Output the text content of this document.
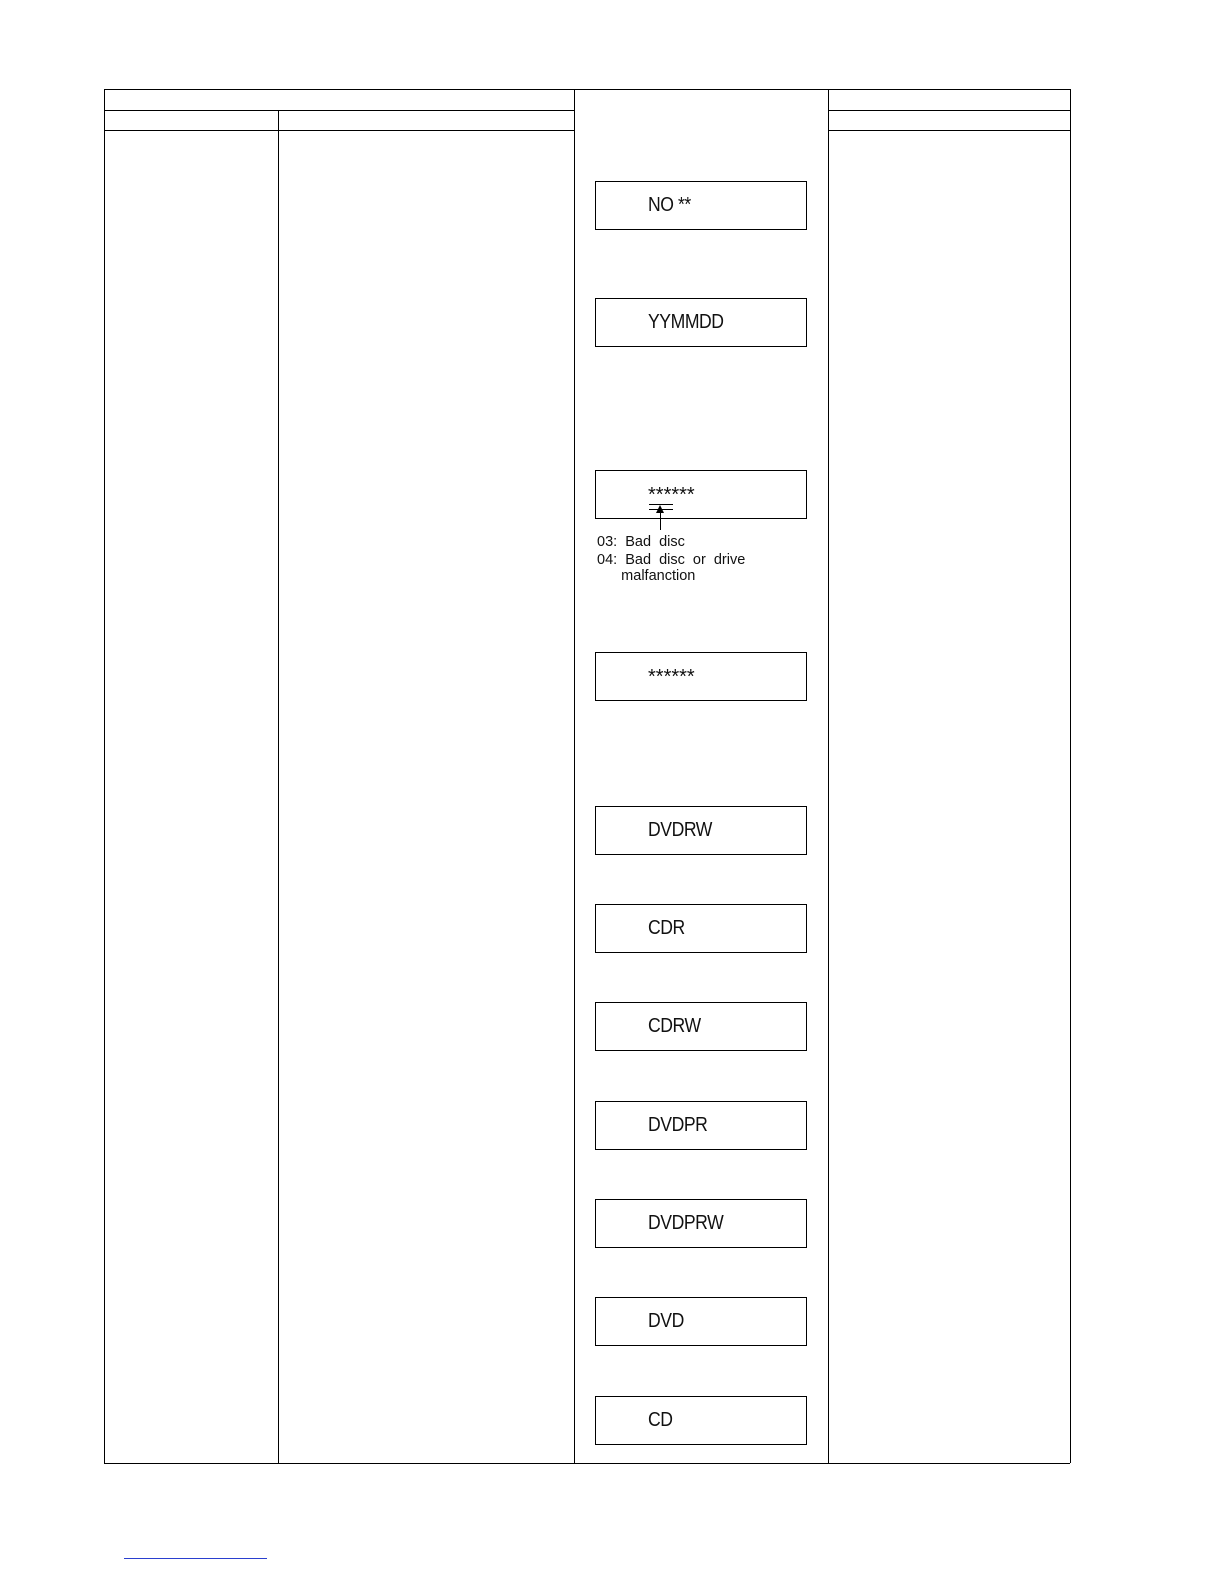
NO **
YYMMDD
******
03:  Bad  disc
04:  Bad  disc  or  drive
malfanction
******
DVDRW
CDR
CDRW
DVDPR
DVDPRW
DVD
CD
